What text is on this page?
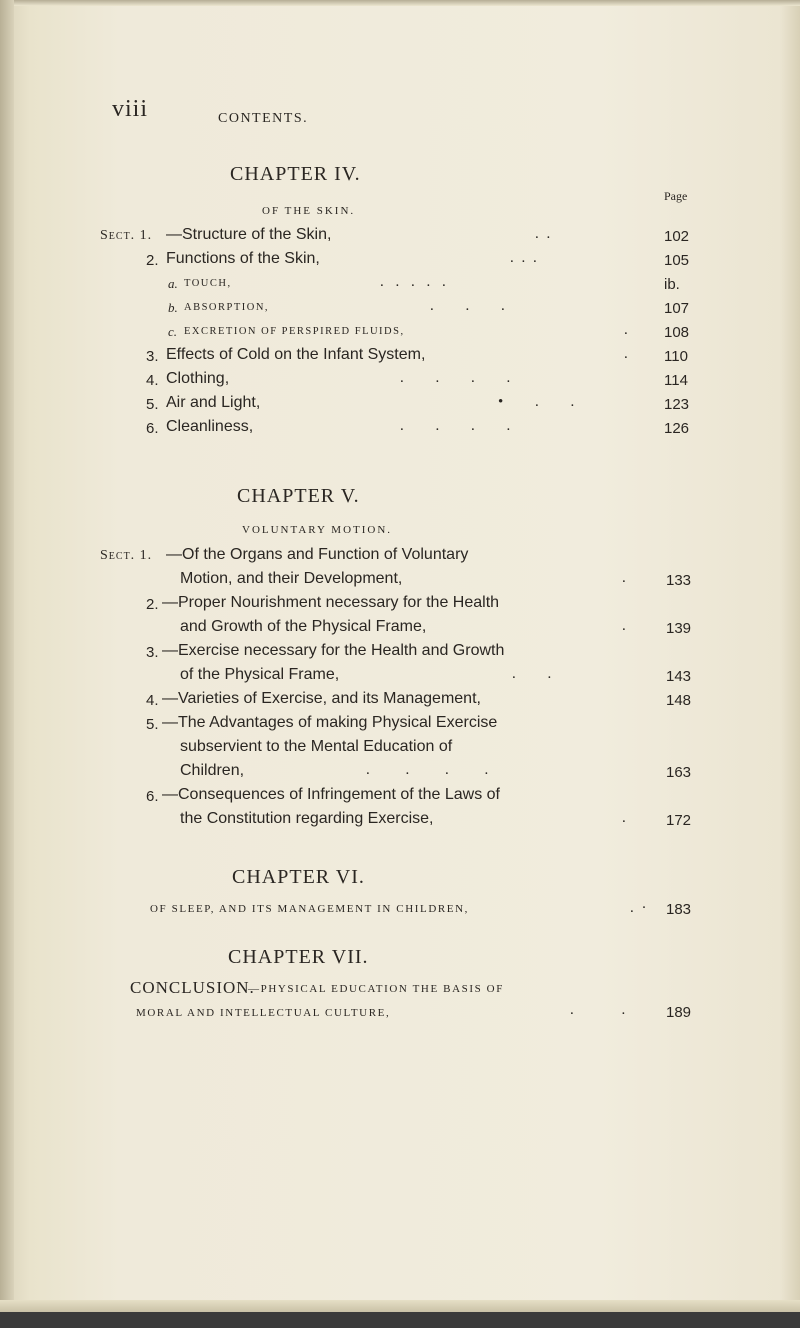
viii	CONTENTS.
CHAPTER IV.
Page
OF THE SKIN.
Sect. 1. —Structure of the Skin,	. .	102
2. Functions of the Skin,	. . .	105
a. TOUCH,	. . . . .	ib.
b. ABSORPTION,	. . .	107
c. EXCRETION OF PERSPIRED FLUIDS,	. 108
3. Effects of Cold on the Infant System,	. 110
4. Clothing,	. . . .	114
5. Air and Light,	• . .	123
6. Cleanliness,	. . . .	126
CHAPTER V.
VOLUNTARY MOTION.
Sect. 1. —Of the Organs and Function of Voluntary
Motion, and their Development,	.	133
2. —Proper Nourishment necessary for the Health
and Growth of the Physical Frame,	.	139
3. —Exercise necessary for the Health and Growth
of the Physical Frame,	. .	143
4. —Varieties of Exercise, and its Management,	148
5. —The Advantages of making Physical Exercise
subservient to the Mental Education of
Children,	. . . .	163
6. —Consequences of Infringement of the Laws of
the Constitution regarding Exercise,	.	172
CHAPTER VI.
OF SLEEP, AND ITS MANAGEMENT IN CHILDREN,	. · 183
CHAPTER VII.
CONCLUSION.
—PHYSICAL EDUCATION THE BASIS OF
MORAL AND INTELLECTUAL CULTURE,	. . 189
